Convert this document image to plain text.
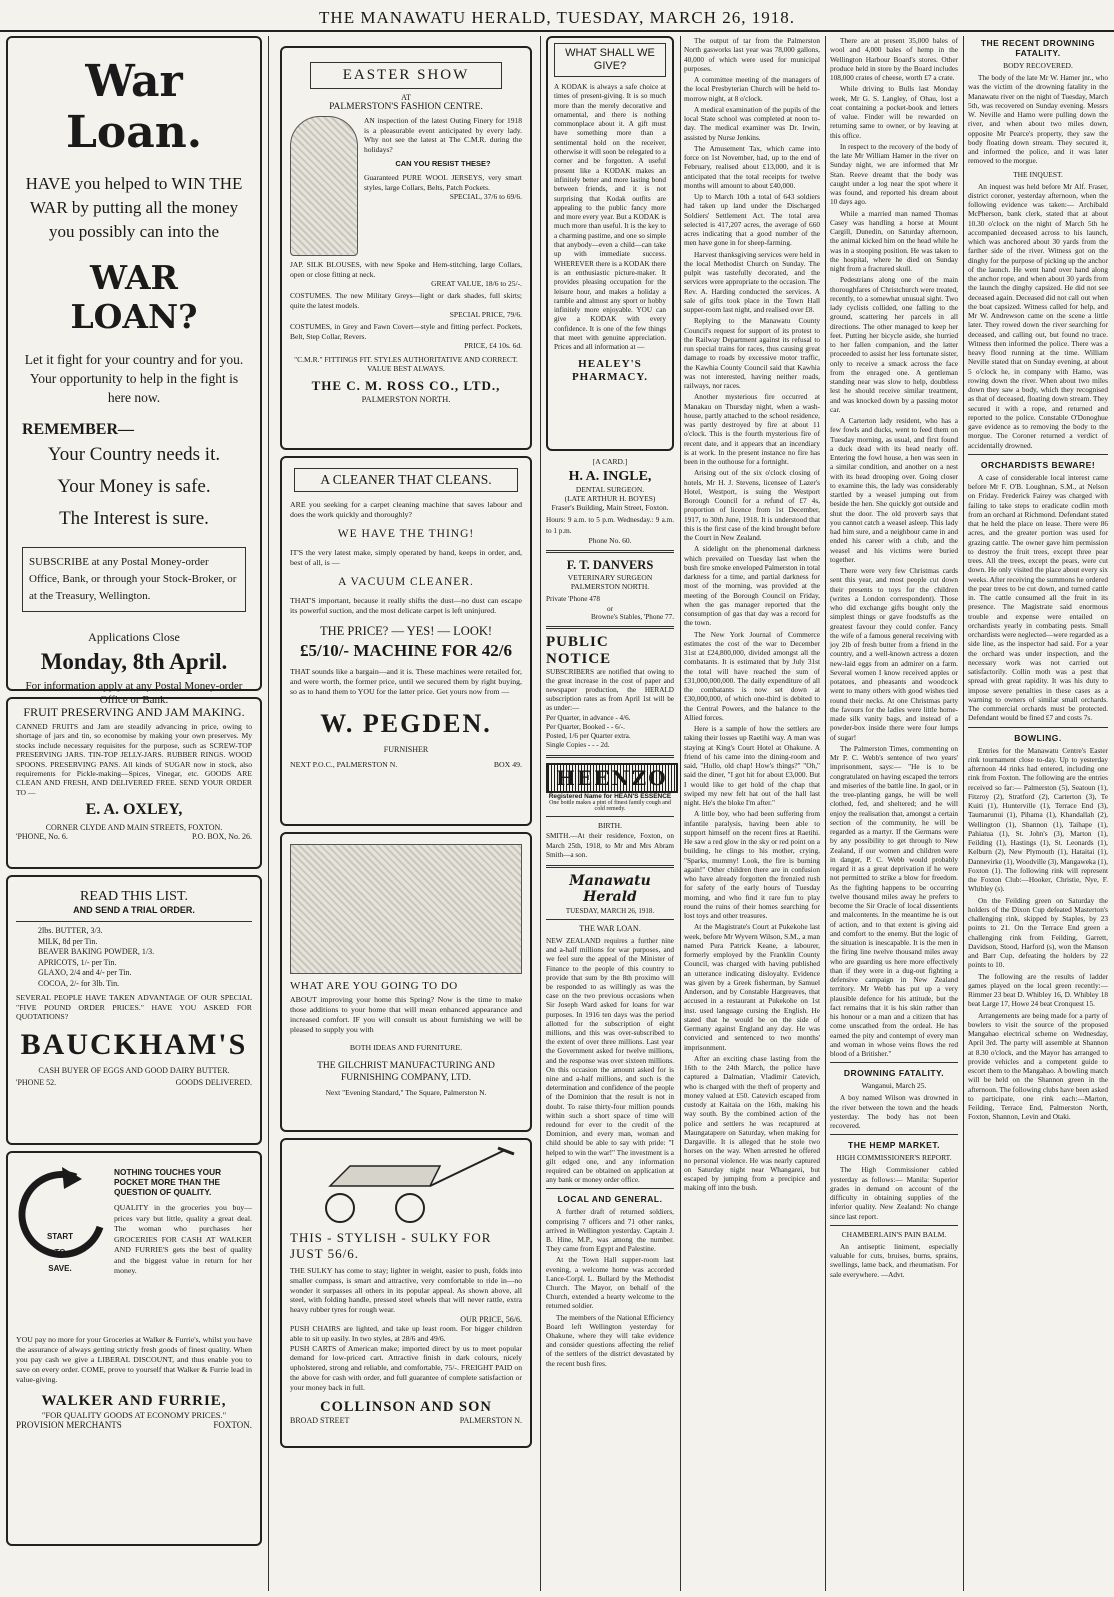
THE MANAWATU HERALD, TUESDAY, MARCH 26, 1918.
War Loan.
HAVE you helped to WIN THE WAR by putting all the money you possibly can into the
WAR LOAN?
Let it fight for your country and for you. Your opportunity to help in the fight is here now.
REMEMBER—
Your Country needs it.
Your Money is safe.
The Interest is sure.
SUBSCRIBE at any Postal Money-order Office, Bank, or through your Stock-Broker, or at the Treasury, Wellington.
Applications Close
Monday, 8th April.
For information apply at any Postal Money-order Office or Bank.
FRUIT PRESERVING AND JAM MAKING.
CANNED FRUITS and Jam are steadily advancing in price, owing to shortage of jars and tin, so economise by making your own preserves. My stocks include necessary requisites for the purpose, such as SCREW-TOP PRESERVING JARS. TIN-TOP JELLY-JARS. RUBBER RINGS. WOOD SPOONS. PRESERVING PANS. All kinds of SUGAR now in stock, also requirements for Pickle-making—Spices, Vinegar, etc. GOODS ARE CLEAN AND FRESH, AND DELIVERED FREE. SEND YOUR ORDER TO —
E. A. OXLEY,
CORNER CLYDE AND MAIN STREETS, FOXTON.
'PHONE, No. 6.	P.O. BOX, No. 26.
READ THIS LIST.
AND SEND A TRIAL ORDER.
2lbs. BUTTER, 3/3.
MILK, 8d per Tin.
BEAVER BAKING POWDER, 1/3.
APRICOTS, 1/- per Tin.
GLAXO, 2/4 and 4/- per Tin.
COCOA, 2/- for 3lb. Tin.
SEVERAL PEOPLE HAVE TAKEN ADVANTAGE OF OUR SPECIAL "FIVE POUND ORDER PRICES." HAVE YOU ASKED FOR QUOTATIONS?
BAUCKHAM'S
CASH BUYER OF EGGS AND GOOD DAIRY BUTTER.
'PHONE 52.	GOODS DELIVERED.
START
TO
SAVE.
NOTHING TOUCHES YOUR POCKET MORE THAN THE QUESTION OF QUALITY.
QUALITY in the groceries you buy—prices vary but little, quality a great deal. The woman who purchases her GROCERIES FOR CASH AT WALKER AND FURRIE'S gets the best of quality and the biggest value in return for her money.
YOU pay no more for your Groceries at Walker & Furrie's, whilst you have the assurance of always getting strictly fresh goods of finest quality. When you pay cash we give a LIBERAL DISCOUNT, and thus enable you to save on every order. COME, prove to yourself that Walker & Furrie lead in value-giving.
WALKER AND FURRIE,
"FOR QUALITY GOODS AT ECONOMY PRICES."
PROVISION MERCHANTS	FOXTON.
EASTER SHOW
AT
PALMERSTON'S FASHION CENTRE.
AN inspection of the latest Outing Finery for 1918 is a pleasurable event anticipated by every lady. Why not see the latest at The C.M.R. during the holidays?
CAN YOU RESIST THESE?
Guaranteed PURE WOOL JERSEYS, very smart styles, large Collars, Belts, Patch Pockets.
SPECIAL, 37/6 to 69/6.
JAP. SILK BLOUSES, with new Spoke and Hem-stitching, large Collars, open or close fitting at neck.
GREAT VALUE, 18/6 to 25/-.
COSTUMES. The new Military Greys—light or dark shades, full skirts; quite the latest models.
SPECIAL PRICE, 79/6.
COSTUMES, in Grey and Fawn Covert—style and fitting perfect. Pockets, Belt, Step Collar, Revers.
PRICE, £4 10s. 6d.
"C.M.R." FITTINGS FIT. STYLES AUTHORITATIVE AND CORRECT. VALUE BEST ALWAYS.
THE C. M. ROSS CO., LTD.,
PALMERSTON NORTH.
A CLEANER THAT CLEANS.
ARE you seeking for a carpet cleaning machine that saves labour and does the work quickly and thoroughly?
WE HAVE THE THING!
IT'S the very latest make, simply operated by hand, keeps in order, and, best of all, is —
A VACUUM CLEANER.
THAT'S important, because it really shifts the dust—no dust can escape its powerful suction, and the most delicate carpet is left uninjured.
THE PRICE? — YES! — LOOK!
£5/10/- MACHINE FOR 42/6
THAT sounds like a bargain—and it is. These machines were retailed for, and were worth, the former price, until we secured them by right buying, so as to hand them to YOU for the latter price. Get yours now from —
W. PEGDEN.
FURNISHER
NEXT P.O.C., PALMERSTON N.	BOX 49.
WHAT ARE YOU GOING TO DO
ABOUT improving your home this Spring? Now is the time to make those additions to your home that will mean enhanced appearance and increased comfort. IF you will consult us about furnishing we will be pleased to supply you with
BOTH IDEAS AND FURNITURE.
THE GILCHRIST MANUFACTURING AND FURNISHING COMPANY, LTD.
Next "Evening Standard," The Square, Palmerston N.
THIS - STYLISH - SULKY FOR JUST 56/6.
THE SULKY has come to stay; lighter in weight, easier to push, folds into smaller compass, is smart and attractive, very comfortable to ride in—no wonder it surpasses all others in its popular appeal. As shown above, all steel, with folding handle, pressed steel wheels that will never rattle, extra heavy rubber tyres for rough wear.
OUR PRICE, 56/6.
PUSH CHAIRS are lighted, and take up least room. For bigger children able to sit up easily. In two styles, at 28/6 and 49/6.
PUSH CARTS of American make; imported direct by us to meet popular demand for low-priced cart. Attractive finish in dark colours, nicely upholstered, strong and reliable, and comfortable, 75/-. FREIGHT PAID on the above for cash with order, and full guarantee of complete satisfaction or your money back in full.
COLLINSON AND SON
BROAD STREET	PALMERSTON N.
WHAT SHALL WE GIVE?
A KODAK is always a safe choice at times of present-giving. It is so much more than the merely decorative and ornamental, and there is nothing commonplace about it. A gift must have something more than a sentimental hold on the receiver, otherwise it will soon be relegated to a corner and be forgotten. A useful present like a KODAK makes an infinitely better and more lasting bond between friends, and it is not surprising that Kodak outfits are appealing to the public fancy more and more every year. But a KODAK is much more than useful. It is the key to a charming pastime, and one so simple that anybody—even a child—can take up with immediate success. WHEREVER there is a KODAK there is an enthusiastic picture-maker. It provides pleasing occupation for the leisure hour, and makes a holiday a ramble and almost any sport or hobby infinitely more enjoyable. YOU can give a KODAK with every confidence. It is one of the few things that meet with genuine appreciation. Prices and all information at —
HEALEY'S PHARMACY.
[A CARD.]
H. A. INGLE,
DENTAL SURGEON.
(LATE ARTHUR H. BOYES)
Fraser's Building, Main Street, Foxton.
Hours: 9 a.m. to 5 p.m. Wednesday.: 9 a.m. to 1 p.m.
Phone No. 60.
F. T. DANVERS
VETERINARY SURGEON
PALMERSTON NORTH.
Private 'Phone 478
or
Browne's Stables, 'Phone 77.
PUBLIC NOTICE
SUBSCRIBERS are notified that owing to the great increase in the cost of paper and newspaper production, the HERALD subscription rates as from April 1st will be as under:—
Per Quarter, in advance - 4/6.
Per Quarter, Booked - - 6/-.
Posted, 1/6 per Quarter extra.
Single Copies - - - 2d.
HEENZO
Registered Name for HEAN'S ESSENCE
One bottle makes a pint of finest family cough and cold remedy.
BIRTH.
SMITH.—At their residence, Foxton, on March 25th, 1918, to Mr and Mrs Abram Smith—a son.
Manawatu Herald
TUESDAY, MARCH 26, 1918.
THE WAR LOAN.
NEW ZEALAND requires a further nine and a-half millions for war purposes, and we feel sure the appeal of the Minister of Finance to the people of this country to provide that sum by the 8th proximo will be responded to as willingly as was the case on the two previous occasions when Sir Joseph Ward asked for loans for war purposes. In 1916 ten days was the period allotted for the subscription of eight millions, and this was over-subscribed to the extent of over three millions. Last year the Government asked for twelve millions, and the response was over sixteen millions. On this occasion the amount asked for is nine and a-half millions, and such is the determination and confidence of the people of the Dominion that the result is not in doubt. To raise thirty-four million pounds within such a short space of time will redound for ever to the credit of the Dominion, and every man, woman and child should be able to say with pride: "I helped to win the war!" The investment is a gilt edged one, and any information required can be obtained on application at any bank or money order office.
LOCAL AND GENERAL.

A further draft of returned soldiers, comprising 7 officers and 71 other ranks, arrived in Wellington yesterday. Captain J. B. Hine, M.P., was among the number. They came from Egypt and Palestine.

At the Town Hall supper-room last evening, a welcome home was accorded Lance-Corpl. L. Bullard by the Methodist Church. The Mayor, on behalf of the Church, extended a hearty welcome to the returned soldier.

The members of the National Efficiency Board left Wellington yesterday for Ohakune, where they will take evidence and consider questions affecting the relief of the settlers of the district devastated by the recent bush fires.

The output of tar from the Palmerston North gasworks last year was 78,000 gallons, 40,000 of which were used for municipal purposes.

A committee meeting of the managers of the local Presbyterian Church will be held to-morrow night, at 8 o'clock.

A medical examination of the pupils of the local State school was completed at noon to-day. The medical examiner was Dr. Irwin, assisted by Nurse Jenkins.

The Amusement Tax, which came into force on 1st November, had, up to the end of February, realised about £13,000, and it is anticipated that the total receipts for twelve months will amount to about £40,000.

Up to March 10th a total of 643 soldiers had taken up land under the Discharged Soldiers' Settlement Act. The total area selected is 417,207 acres, the average of 660 acres indicating that a good number of the men have gone in for sheep-farming.

Harvest thanksgiving services were held in the local Methodist Church on Sunday. The pulpit was tastefully decorated, and the services were appropriate to the occasion. The Rev. A. Harding conducted the services. A sale of gifts took place in the Town Hall supper-room last night, and realised over £8.

Replying to the Manawatu County Council's request for support of its protest to the Railway Department against its refusal to run special trains for races, thus causing great damage to roads by excessive motor traffic, the Kawhia County Council said that Kawhia was not interested, having neither roads, railways, nor races.

Another mysterious fire occurred at Manakau on Thursday night, when a wash-house, partly attached to the school residence, was partly destroyed by fire at about 11 o'clock. This is the fourth mysterious fire of recent date, and it appears that an incendiary is at work. In the present instance no fire has been in the outhouse for a fortnight.

Arising out of the six o'clock closing of hotels, Mr H. J. Stevens, licensee of Lazer's Hotel, Westport, is suing the Westport Borough Council for a refund of £7 4s, proportion of licence from 1st December, 1917, to 30th June, 1918. It is understood that this is the first case of the kind brought before the Court in New Zealand.

A sidelight on the phenomenal darkness which prevailed on Tuesday last when the bush fire smoke enveloped Palmerston in total darkness for a time, and partial darkness for most of the morning, was provided at the meeting of the Borough Council on Friday, when the gas manager reported that the consumption of gas that day was a record for the town.

The New York Journal of Commerce estimates the cost of the war to December 31st at £24,800,000, divided amongst all the combatants. It is estimated that by July 31st the total will have reached the sum of £31,000,000,000. The daily expenditure of all the combatants is now set down at £30,000,000, of which one-third is debited to the Central Powers, and the balance to the Allied forces.

Here is a sample of how the settlers are taking their losses up Raetihi way. A man was staying at King's Court Hotel at Ohakune. A friend of his came into the dining-room and said, "Hullo, old chap! How's things?" "Oh," said the diner, "I got hit for about £3,000. But I would like to get hold of the chap that swiped my new felt hat out of the hall last night. He's the bloke I'm after."

A little boy, who had been suffering from infantile paralysis, having been able to support himself on the recent fires at Raetihi. He saw a red glow in the sky or red point on a building, he clings to his mother, crying, "Sparks, mummy! Look, the fire is burning again!" Other children there are in confusion who have already forgotten the frenzied rush for safety of the early hours of Tuesday morning, and who find it rare fun to play round the ruins of their homes searching for lost toys and other treasures.

At the Magistrate's Court at Pukekohe last week, before Mr Wyvern Wilson, S.M., a man named Pura Patrick Keane, a labourer, formerly employed by the Franklin County Council, was charged with having published an utterance indicating disloyalty. Evidence was given by a Greek fisherman, by Samuel Anderson, and by Constable Hargreaves, that accused in a restaurant at Pukekohe on 1st inst. used language cursing the English. He stated that he would be on the side of Germany against England any day. He was convicted and sentenced to two months' imprisonment.

After an exciting chase lasting from the 16th to the 24th March, the police have captured a Dalmatian, Vladimir Catevich, who is charged with the theft of property and money valued at £50. Catevich escaped from custody at Kaitaia on the 16th, making his way south. By the combined action of the police and settlers he was recaptured at Maungatapere on Saturday, when making for Dargaville. It is alleged that he stole two horses on the way. When arrested he offered no personal violence. He was nearly captured on Saturday night near Whangarei, but escaped by jumping from a precipice and making off into the bush.

There are at present 35,000 bales of wool and 4,000 bales of hemp in the Wellington Harbour Board's stores. Other produce held in store by the Board includes 108,000 crates of cheese, worth £7 a crate.

While driving to Bulls last Monday week, Mr G. S. Langley, of Ohau, lost a coat containing a pocket-book and letters of value. Finder will be rewarded on returning same to owner, or by leaving at this office.

In respect to the recovery of the body of the late Mr William Hamer in the river on Sunday night, we are informed that Mr Stan. Reeve dreamt that the body was caught under a log near the spot where it was found, and reported his dream about 10 days ago.

While a married man named Thomas Casey was handling a horse at Mount Cargill, Dunedin, on Saturday afternoon, the animal kicked him on the head while he was in a stooping position. He was taken to the hospital, where he died on Sunday night from a fractured skull.

Pedestrians along one of the main thoroughfares of Christchurch were treated, recently, to a somewhat unusual sight. Two lady cyclists collided, one falling to the ground, scattering her parcels in all directions. The other managed to keep her feet. Putting her bicycle aside, she hurried to her fallen companion, and the latter proceeded to assist her less fortunate sister, only to receive a smack across the face from the enraged one. A gentleman standing near was slow to help, doubtless lest he should receive similar treatment, and was knocked down by a passing motor car.

A Carterton lady resident, who has a few fowls and ducks, went to feed them on Tuesday morning, as usual, and first found a duck dead with its head nearly off. Entering the fowl house, a hen was seen in a similar condition, and another on a nest with its head drooping over. Going closer to examine this, the lady was considerably startled by a weasel jumping out from beside the hen. She quickly got outside and shut the door. The old proverb says that you cannot catch a weasel asleep. This lady had him sure, and a neighbour came in and ended his career with a club, and the weasel and his victims were buried together.

There were very few Christmas cards sent this year, and most people cut down their presents to toys for the children (writes a London correspondent). Those who did exchange gifts bought only the simplest things or gave foodstuffs as the greatest favour they could confer. Fancy the wife of a famous general receiving with joy 2lb of fresh butter from a friend in the country, and a well-known actress a dozen new-laid eggs from an admirer on a farm. Several women I know received apples or potatoes, and pheasants and woodcock went to many others with good wishes tied round their necks. At one Christmas party the favours for the ladies were little home-made silk vanity bags, and instead of a powder-box inside there were four lumps of sugar!

The Palmerston Times, commenting on Mr P. C. Webb's sentence of two years' imprisonment, says:— "He is to be congratulated on having escaped the terrors and miseries of the battle line. In gaol, or in the tree-planting gangs, he will be well clothed, fed, and sheltered; and he will enjoy the realisation that, amongst a certain section of the community, he will be regarded as a martyr. If the Germans were by any possibility to get through to New Zealand, if our women and children were in danger, P. C. Webb would probably regard it as a great deprivation if he were not permitted to strike a blow for freedom. As the fighting happens to be occurring twelve thousand miles away he prefers to become the Sir Oracle of local dissentients and malcontents. In the meantime he is out of action, and to that extent is giving aid and comfort to the enemy. But the logic of the situation is inescapable. It is the men in the firing line twelve thousand miles away who are guarding us here more effectively than if they were in a dug-out fighting a defensive campaign in New Zealand territory. Mr Webb has put up a very plausible defence for his attitude, but the fact remains that it is his skin rather than his honour or a man and a citizen that has come unscathed from the ordeal. He has earned the pity and contempt of every man and woman in whose veins flows the red blood of a Britisher."

DROWNING FATALITY.
Wanganui, March 25.

A boy named Wilson was drowned in the river between the town and the heads yesterday. The body has not been recovered.

THE HEMP MARKET.
HIGH COMMISSIONER'S REPORT.

The High Commissioner cabled yesterday as follows:— Manila: Superior grades in demand on account of the difficulty in obtaining supplies of the inferior quality. New Zealand: No change since last report.

CHAMBERLAIN'S PAIN BALM.

An antiseptic liniment, especially valuable for cuts, bruises, burns, sprains, swellings, lame back, and rheumatism. For sale everywhere. —Advt.

THE RECENT DROWNING FATALITY.
BODY RECOVERED.

The body of the late Mr W. Hamer jnr., who was the victim of the drowning fatality in the Manawatu river on the night of Tuesday, March 5th, was recovered on Sunday evening. Messrs W. Neville and Hamo were pulling down the river, and when about two miles down, opposite Mr Pearce's property, they saw the body floating down stream. They secured it, and informed the police, and it was later removed to the morgue.

THE INQUEST.

An inquest was held before Mr Alf. Fraser, district coroner, yesterday afternoon, when the following evidence was taken:— Archibald McPherson, bank clerk, stated that at about 10.30 o'clock on the night of March 5th he accompanied deceased across to his launch, which was anchored about 30 yards from the farther side of the river. Witness got on the dinghy for the purpose of picking up the anchor of the launch. He went hand over hand along the anchor rope, and when about 30 yards from the launch the dinghy capsized. He did not see deceased again. Deceased did not call out when the boat capsized. Witness called for help, and Mr W. Andrewson came on the scene a little later. They rowed down the river searching for deceased, and calling out, but found no trace. Witness then informed the police. There was a heavy flood running at the time. William Neville stated that on Sunday evening, at about 5 o'clock he, in company with Hamo, was rowing down the river. When about two miles down they saw a body, which they recognised as that of deceased, floating down stream. They secured it with a rope, and returned and reported to the police. Constable O'Donoghue gave evidence as to removing the body to the morgue. The Coroner returned a verdict of accidentally drowned.

ORCHARDISTS BEWARE!

A case of considerable local interest came before Mr F. O'B. Loughnan, S.M., at Nelson on Friday. Frederick Fairey was charged with failing to take steps to eradicate codlin moth from an orchard at Richmond. Defendant stated that he held the place on lease. There were 86 acres, and the greater portion was used for grazing cattle. The owner gave him permission to destroy the fruit trees, except three pear trees. All the trees, except the pears, were cut down. He only visited the place about every six weeks. After receiving the summons he ordered the pear trees to be cut down, and turned cattle in. The cattle consumed all the fruit in its presence. The Magistrate said enormous trouble and expense were entailed on orchardists yearly in combating pests. Small orchardists were neglected—were regarded as a side line, as the inspector had said. For a year the orchard was under inspection, and the necessary work was not carried out satisfactorily. Collin moth was a pest that spread with great rapidity. It was his duty to impose severe penalties in these cases as a warning to owners of similar small orchards. The commercial orchards must be protected. Defendant would be fined £7 and costs 7s.

BOWLING.

Entries for the Manawatu Centre's Easter rink tournament close to-day. Up to yesterday afternoon 44 rinks had entered, including one rink from Foxton. The following are the entries received so far:— Palmerston (5), Seatoun (1), Fitzroy (2), Stratford (2), Carterton (3), Te Kuiti (1), Hunterville (1), Terrace End (3), Taumarunui (1), Pihama (1), Khandallah (2), Wellington (1), Shannon (1), Taihape (1), Pahiatua (1), St. John's (3), Marton (1), Feilding (1), Hastings (1), St. Leonards (1), Kelburn (2), New Plymouth (1), Hataitai (1), Dannevirke (1), Woodville (3), Mangaweka (1), Foxton (1). The following rink will represent the Foxton Club:—Hooker, Christie, Nye, F. Whibley (s).

On the Feilding green on Saturday the holders of the Dixon Cup defeated Masterton's challenging rink, skipped by Staples, by 23 points to 21. On the Terrace End green a challenging rink from Feilding, Garrett, Davidson, Stood, Harford (s), won the Manson and Barr Cup, defeating the holders by 22 points to 10.

The following are the results of ladder games played on the local green recently:—Rimmer 23 beat D. Whibley 16, D. Whibley 18 beat Large 17, Howe 24 beat Cronquest 15.

Arrangements are being made for a party of bowlers to visit the source of the proposed Mangahao electrical scheme on Wednesday, April 3rd. The party will assemble at Shannon at 8.30 o'clock, and the Mayor has arranged to provide vehicles and a competent guide to escort them to the Mangahao. A bowling match will be held on the Shannon green in the afternoon. The following clubs have been asked to participate, one rink each:—Marton, Feilding, Terrace End, Palmerston North, Foxton, Shannon, Levin and Otaki.
